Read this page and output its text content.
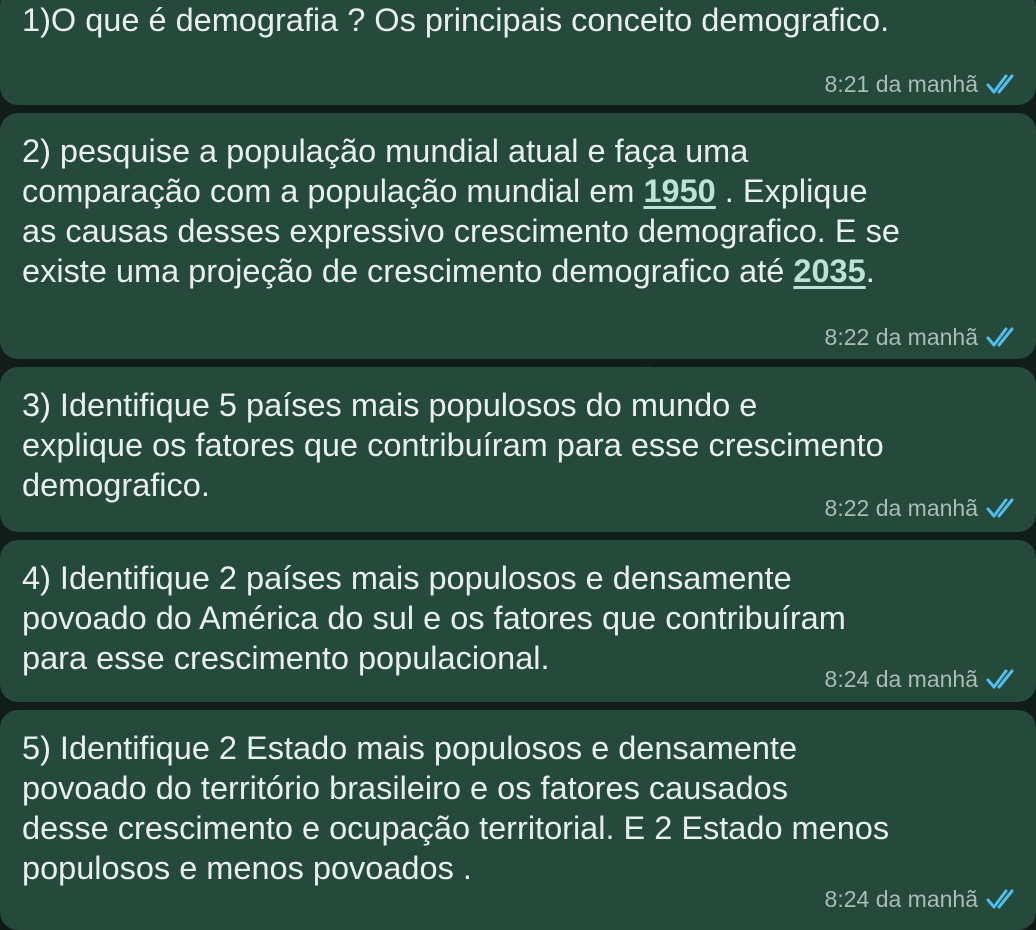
1)O que é demografia ? Os principais conceito demografico.
8:21 da manhã
2) pesquise a população mundial atual e faça uma
comparação com a população mundial em 1950 . Explique
as causas desses expressivo crescimento demografico. E se
existe uma projeção de crescimento demografico até 2035.
8:22 da manhã
3) Identifique 5 países mais populosos do mundo e
explique os fatores que contribuíram para esse crescimento
demografico.
8:22 da manhã
4) Identifique 2 países mais populosos e densamente
povoado do América do sul e os fatores que contribuíram
para esse crescimento populacional.
8:24 da manhã
5) Identifique 2 Estado mais populosos e densamente
povoado do território brasileiro e os fatores causados
desse crescimento e ocupação territorial. E 2 Estado menos
populosos e menos povoados .
8:24 da manhã
